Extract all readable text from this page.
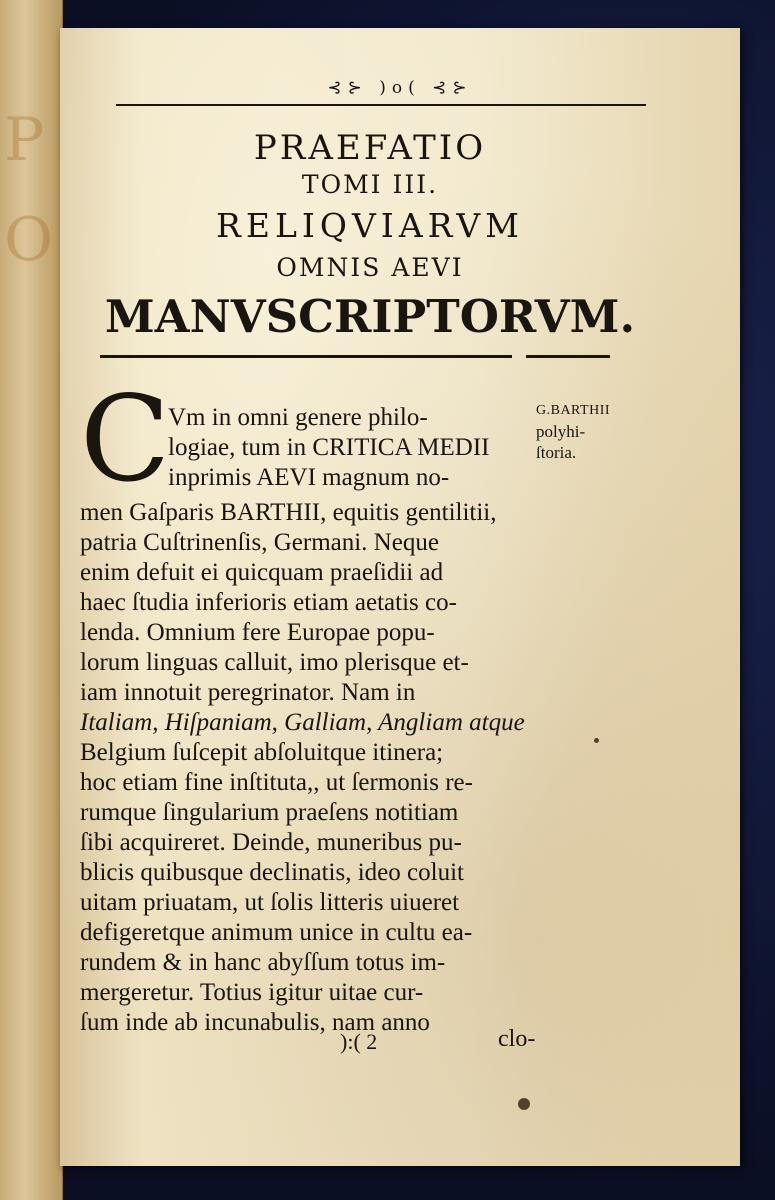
P
O
⊰⊱ )o( ⊰⊱
PRAEFATIO
TOMI III.
RELIQVIARVM
OMNIS AEVI
MANVSCRIPTORVM.
C
Vm in omni genere philo-
logiae, tum in CRITICA MEDII
inprimis AEVI magnum no-
men Gaſparis BARTHII, equitis gentilitii,
patria Cuſtrinenſis, Germani. Neque
enim defuit ei quicquam praeſidii ad
haec ſtudia inferioris etiam aetatis co-
lenda. Omnium fere Europae popu-
lorum linguas calluit, imo plerisque et-
iam innotuit peregrinator. Nam in
Italiam, Hiſpaniam, Galliam, Angliam atque
Belgium ſuſcepit abſoluitque itinera;
hoc etiam fine inſtituta,, ut ſermonis re-
rumque ſingularium praeſens notitiam
ſibi acquireret. Deinde, muneribus pu-
blicis quibusque declinatis, ideo coluit
uitam priuatam, ut ſolis litteris uiueret
defigeretque animum unice in cultu ea-
rundem & in hanc abyſſum totus im-
mergeretur. Totius igitur uitae cur-
ſum inde ab incunabulis, nam anno
G.BARTHII
polyhi-
ſtoria.
):( 2	clo-
